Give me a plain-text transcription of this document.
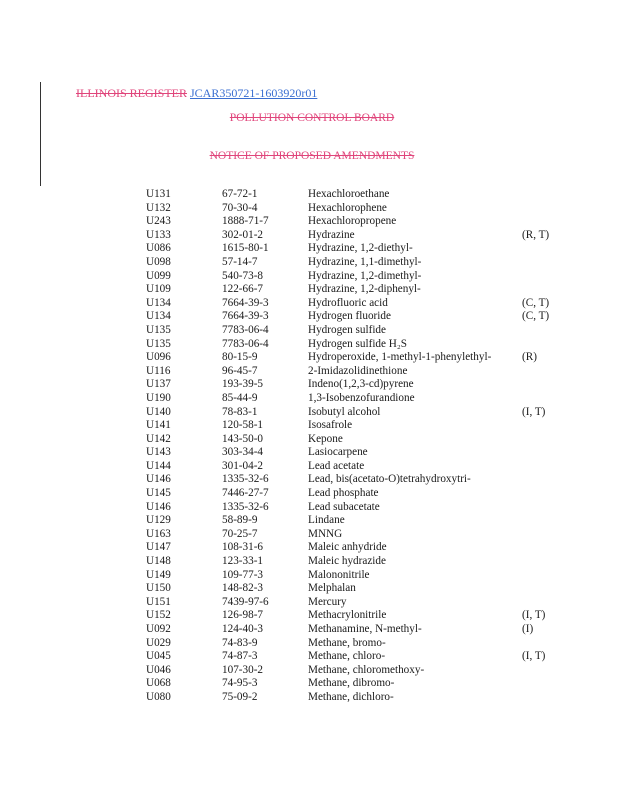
ILLINOIS REGISTER JCAR350721-1603920r01
POLLUTION CONTROL BOARD
NOTICE OF PROPOSED AMENDMENTS
U131	67-72-1	Hexachloroethane
U132	70-30-4	Hexachlorophene
U243	1888-71-7	Hexachloropropene
U133	302-01-2	Hydrazine	(R, T)
U086	1615-80-1	Hydrazine, 1,2-diethyl-
U098	57-14-7	Hydrazine, 1,1-dimethyl-
U099	540-73-8	Hydrazine, 1,2-dimethyl-
U109	122-66-7	Hydrazine, 1,2-diphenyl-
U134	7664-39-3	Hydrofluoric acid	(C, T)
U134	7664-39-3	Hydrogen fluoride	(C, T)
U135	7783-06-4	Hydrogen sulfide
U135	7783-06-4	Hydrogen sulfide H₂S
U096	80-15-9	Hydroperoxide, 1-methyl-1-phenylethyl-	(R)
U116	96-45-7	2-Imidazolidinethione
U137	193-39-5	Indeno(1,2,3-cd)pyrene
U190	85-44-9	1,3-Isobenzofurandione
U140	78-83-1	Isobutyl alcohol	(I, T)
U141	120-58-1	Isosafrole
U142	143-50-0	Kepone
U143	303-34-4	Lasiocarpene
U144	301-04-2	Lead acetate
U146	1335-32-6	Lead, bis(acetato-O)tetrahydroxytri-
U145	7446-27-7	Lead phosphate
U146	1335-32-6	Lead subacetate
U129	58-89-9	Lindane
U163	70-25-7	MNNG
U147	108-31-6	Maleic anhydride
U148	123-33-1	Maleic hydrazide
U149	109-77-3	Malononitrile
U150	148-82-3	Melphalan
U151	7439-97-6	Mercury
U152	126-98-7	Methacrylonitrile	(I, T)
U092	124-40-3	Methanamine, N-methyl-	(I)
U029	74-83-9	Methane, bromo-
U045	74-87-3	Methane, chloro-	(I, T)
U046	107-30-2	Methane, chloromethoxy-
U068	74-95-3	Methane, dibromo-
U080	75-09-2	Methane, dichloro-
